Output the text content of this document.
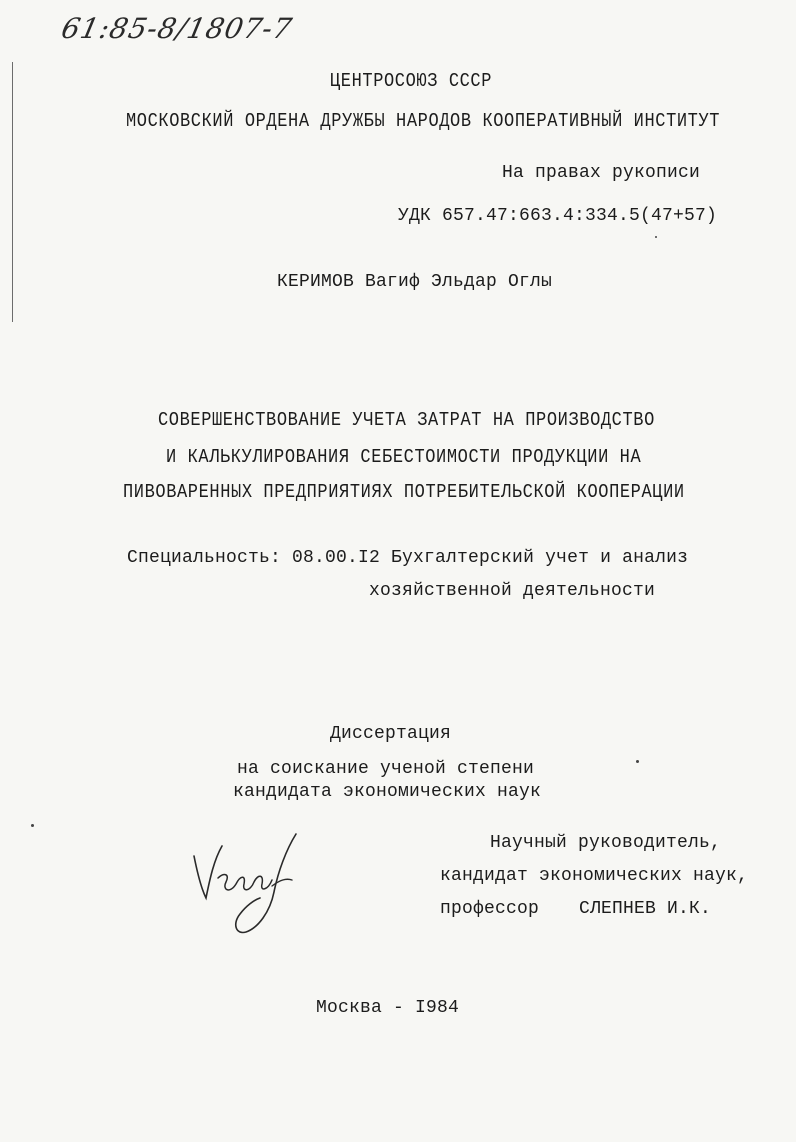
61:85-8/1807-7
ЦЕНТРОСОЮЗ СССР
МОСКОВСКИЙ ОРДЕНА ДРУЖБЫ НАРОДОВ КООПЕРАТИВНЫЙ ИНСТИТУТ
На правах рукописи
УДК 657.47:663.4:334.5(47+57)
КЕРИМОВ Вагиф Эльдар Оглы
СОВЕРШЕНСТВОВАНИЕ УЧЕТА ЗАТРАТ НА ПРОИЗВОДСТВО
И КАЛЬКУЛИРОВАНИЯ СЕБЕСТОИМОСТИ ПРОДУКЦИИ НА
ПИВОВАРЕННЫХ ПРЕДПРИЯТИЯХ ПОТРЕБИТЕЛЬСКОЙ КООПЕРАЦИИ
Специальность: 08.00.I2 Бухгалтерский учет и анализ
хозяйственной деятельности
Диссертация
на соискание ученой степени
кандидата экономических наук
Научный руководитель,
кандидат экономических наук,
профессор СЛЕПНЕВ И.К.
Vieeef
Москва - I984
